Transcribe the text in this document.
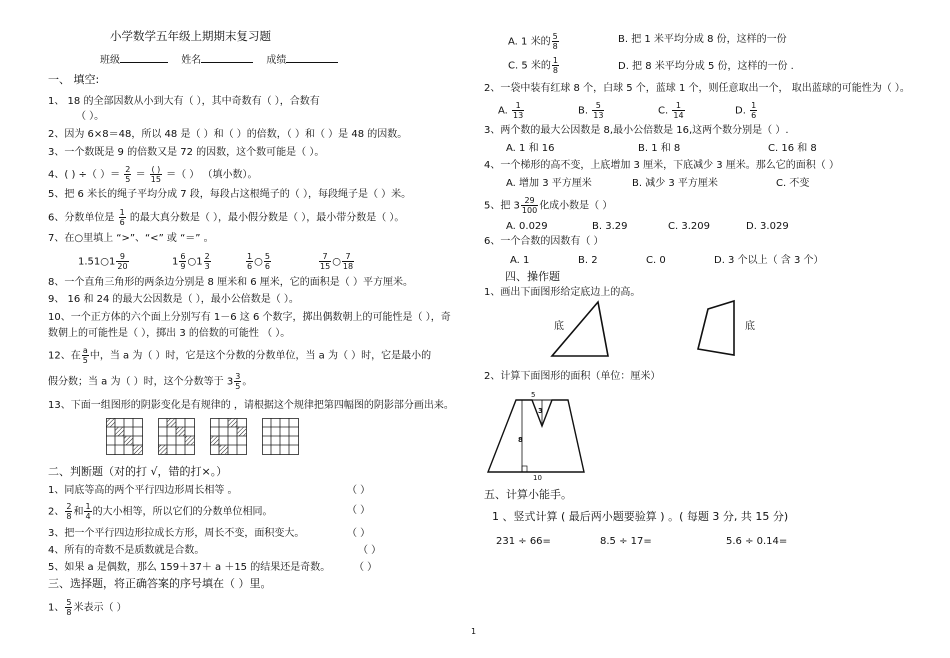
小学数学五年级上期期末复习题
班级	姓名	成绩
一、 填空:
1、 18 的全部因数从小到大有（ ），其中奇数有（ ），合数有
（ ）。
2、因为 6×8＝48，所以 48 是（ ）和（ ）的倍数，（ ）和（ ）是 48 的因数。
3、一个数既是 9 的倍数又是 72 的因数，这个数可能是（ ）。
4、( ) ÷（ ）＝ $\frac{2}{5} = \frac{( )}{15}$ ＝（ ） （填小数）。
5、把 6 米长的绳子平均分成 7 段，每段占这根绳子的（ ），每段绳子是（ ）米。
6、分数单位是 $\frac{1}{6}$ 的最大真分数是（ ），最小假分数是（ ），最小带分数是（ ）。
7、在○里填上 “>”、“<” 或 “＝” 。
1.51○1 $\frac{9}{20}$	$1 \frac{6}{9}$ ○1 $\frac{2}{3}$	$\frac{1}{6}$ ○ $\frac{5}{6}$	$\frac{7}{15}$ ○ $\frac{7}{18}$
8、一个直角三角形的两条边分别是 8 厘米和 6 厘米，它的面积是（ ）平方厘米。
9、 16 和 24 的最大公因数是（ ），最小公倍数是（ ）。
10、一个正方体的六个面上分别写有 1－6 这 6 个数字，掷出偶数朝上的可能性是（ ），奇
数朝上的可能性是（ ），掷出 3 的倍数的可能性 （ ）。
12、在 $\frac{a}{5}$ 中，当 a 为（ ）时，它是这个分数的分数单位，当 a 为（ ）时，它是最小的
假分数；当 a 为（ ）时，这个分数等于 $3 \frac{3}{5}$ 。
13、下面一组图形的阴影变化是有规律的 ，请根据这个规律把第四幅图的阴影部分画出来。
二、判断题（对的打 √，错的打×。）
1、同底等高的两个平行四边形周长相等 。	（ ）
2、 $\frac{2}{8}$ 和 $\frac{1}{4}$ 的大小相等，所以它们的分数单位相同。	（ ）
3、把一个平行四边形拉成长方形，周长不变，面积变大。	（ ）
4、所有的奇数不是质数就是合数。	（ ）
5、如果 a 是偶数，那么 159＋37＋ a ＋15 的结果还是奇数。 （ ）
三、选择题，将正确答案的序号填在（ ）里。
1、 $\frac{5}{8}$ 米表示（ ）
A. 1 米的 $\frac{5}{8}$	B. 把 1 米平均分成 8 份，这样的一份
C. 5 米的 $\frac{1}{8}$	D. 把 8 米平均分成 5 份，这样的一份 .
2、一袋中装有红球 8 个，白球 5 个，蓝球 1 个，则任意取出一个， 取出蓝球的可能性为（ ）。
A. $\frac{1}{13}$	B. $\frac{5}{13}$	C. $\frac{1}{14}$	D. $\frac{1}{6}$
3、两个数的最大公因数是 8,最小公倍数是 16,这两个数分别是（ ）.
A. 1 和 16	B. 1 和 8	C. 16 和 8
4、一个梯形的高不变，上底增加 3 厘米，下底减少 3 厘米。那么它的面积（ ）
A. 增加 3 平方厘米	B. 减少 3 平方厘米	C. 不变
5、把 $3 \frac{29}{100}$ 化成小数是（ ）
A. 0.029	B. 3.29	C. 3.209	D. 3.029
6、一个合数的因数有（ ）
A. 1	B. 2	C. 0	D. 3 个以上（ 含 3 个）
四、操作题
1、画出下面图形给定底边上的高。
底	底
2、计算下面图形的面积（单位：厘米）
5
3
8
10
五、计算小能手。
1 、竖式计算 ( 最后两小题要验算 ) 。( 每题 3 分, 共 15 分)
231 ÷ 66=	8.5 ÷ 17=	5.6 ÷ 0.14=
1
